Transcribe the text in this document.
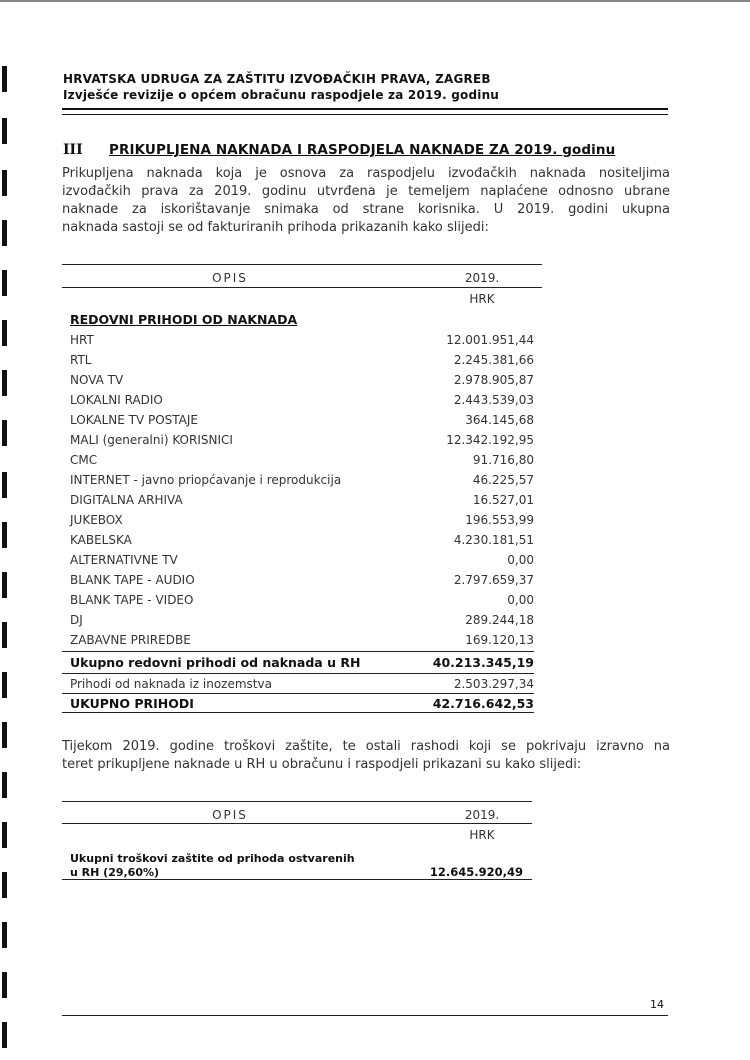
HRVATSKA UDRUGA ZA ZAŠTITU IZVOĐAČKIH PRAVA, ZAGREB
Izvješće revizije o općem obračunu raspodjele za 2019. godinu
III PRIKUPLJENA NAKNADA I RASPODJELA NAKNADE ZA 2019. godinu
Prikupljena naknada koja je osnova za raspodjelu izvođačkih naknada nositeljima
izvođačkih prava za 2019. godinu utvrđena je temeljem naplaćene odnosno ubrane
naknade za iskorištavanje snimaka od strane korisnika. U 2019. godini ukupna
naknada sastoji se od fakturiranih prihoda prikazanih kako slijedi:
OPIS	2019.
HRK
REDOVNI PRIHODI OD NAKNADA
HRT	12.001.951,44
RTL	2.245.381,66
NOVA TV	2.978.905,87
LOKALNI RADIO	2.443.539,03
LOKALNE TV POSTAJE	364.145,68
MALI (generalni) KORISNICI	12.342.192,95
CMC	91.716,80
INTERNET - javno priopćavanje i reprodukcija	46.225,57
DIGITALNA ARHIVA	16.527,01
JUKEBOX	196.553,99
KABELSKA	4.230.181,51
ALTERNATIVNE TV	0,00
BLANK TAPE - AUDIO	2.797.659,37
BLANK TAPE - VIDEO	0,00
DJ	289.244,18
ZABAVNE PRIREDBE	169.120,13
Ukupno redovni prihodi od naknada u RH	40.213.345,19
Prihodi od naknada iz inozemstva	2.503.297,34
UKUPNO PRIHODI	42.716.642,53
Tijekom 2019. godine troškovi zaštite, te ostali rashodi koji se pokrivaju izravno na
teret prikupljene naknade u RH u obračunu i raspodjeli prikazani su kako slijedi:
OPIS	2019.
HRK
Ukupni troškovi zaštite od prihoda ostvarenih
u RH (29,60%)	12.645.920,49
14
